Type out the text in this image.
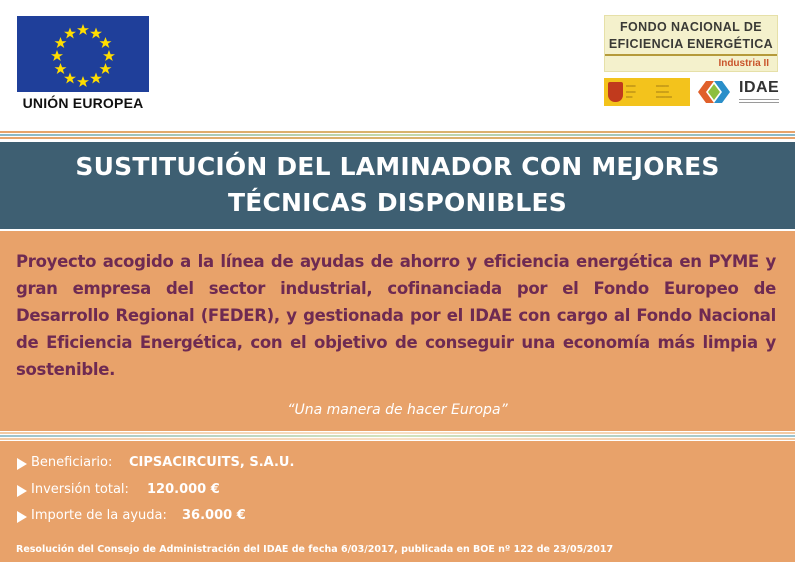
UNIÓN EUROPEA
FONDO NACIONAL DE
EFICIENCIA ENERGÉTICA
Industria II
═══
═══
══
════
════
═════
IDAE
SUSTITUCIÓN DEL LAMINADOR CON MEJORES
TÉCNICAS DISPONIBLES

Proyecto acogido a la línea de ayudas de ahorro y eficiencia energética en PYME y gran empresa del sector industrial, cofinanciada por el Fondo Europeo de Desarrollo Regional (FEDER), y gestionada por el IDAE con cargo al Fondo Nacional de Eficiencia Energética, con el objetivo de conseguir una economía más limpia y sostenible.

“Una manera de hacer Europa”
Beneficiario: CIPSACIRCUITS, S.A.U.
Inversión total: 120.000 €
Importe de la ayuda: 36.000 €
Resolución del Consejo de Administración del IDAE de fecha 6/03/2017, publicada en BOE nº 122 de 23/05/2017
